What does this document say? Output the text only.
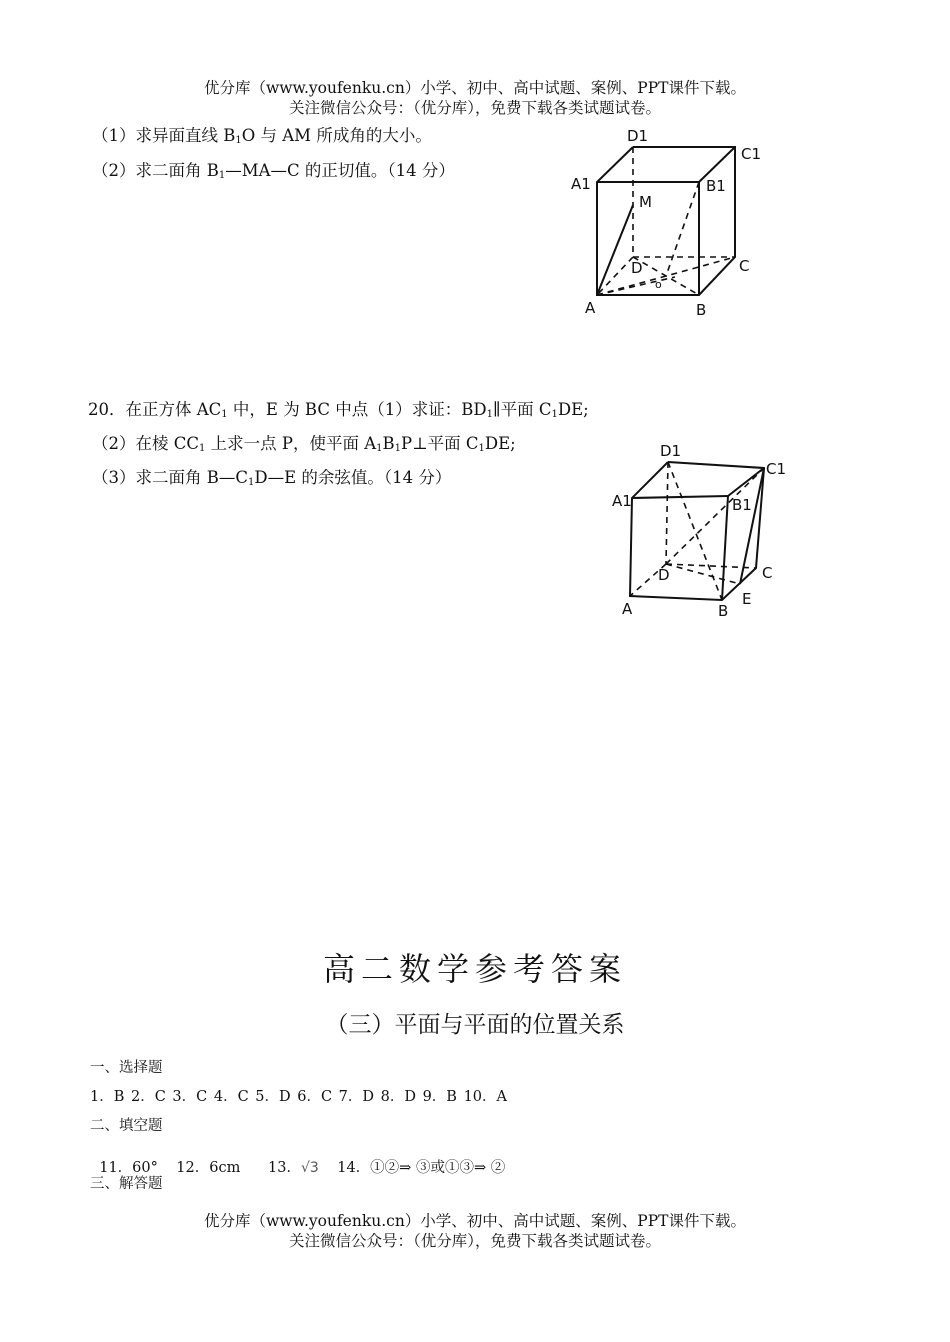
优分库（www.youfenku.cn）小学、初中、高中试题、案例、PPT课件下载。
关注微信公众号：（优分库），免费下载各类试题试卷。
（1）求异面直线 $B_1O$ 与 AM 所成角的大小。
（2）求二面角 $B_1—MA—C$ 的正切值。（14 分）
D1
C1
A1	B1
M
D	C
A	B
o
20．在正方体 $AC_1$ 中，E 为 BC 中点（1）求证：$BD_1\parallel$平面 $C_1DE$;
（2）在棱 $CC_1$ 上求一点 P，使平面 $A_1B_1P\perp$平面 $C_1DE$;
（3）求二面角 $B—C_1D—E$ 的余弦值。（14 分）
D1
C1
A1	B1
D	C
A	B
E
高二数学参考答案
（三）平面与平面的位置关系
一、选择题
1．B 2．C 3．C 4．C 5．D 6．C 7．D 8．D 9．B 10．A
二、填空题

11．60°    12．6cm      13．√3    14．①②⇒ ③或①③⇒ ②

三、解答题
优分库（www.youfenku.cn）小学、初中、高中试题、案例、PPT课件下载。
关注微信公众号：（优分库），免费下载各类试题试卷。
